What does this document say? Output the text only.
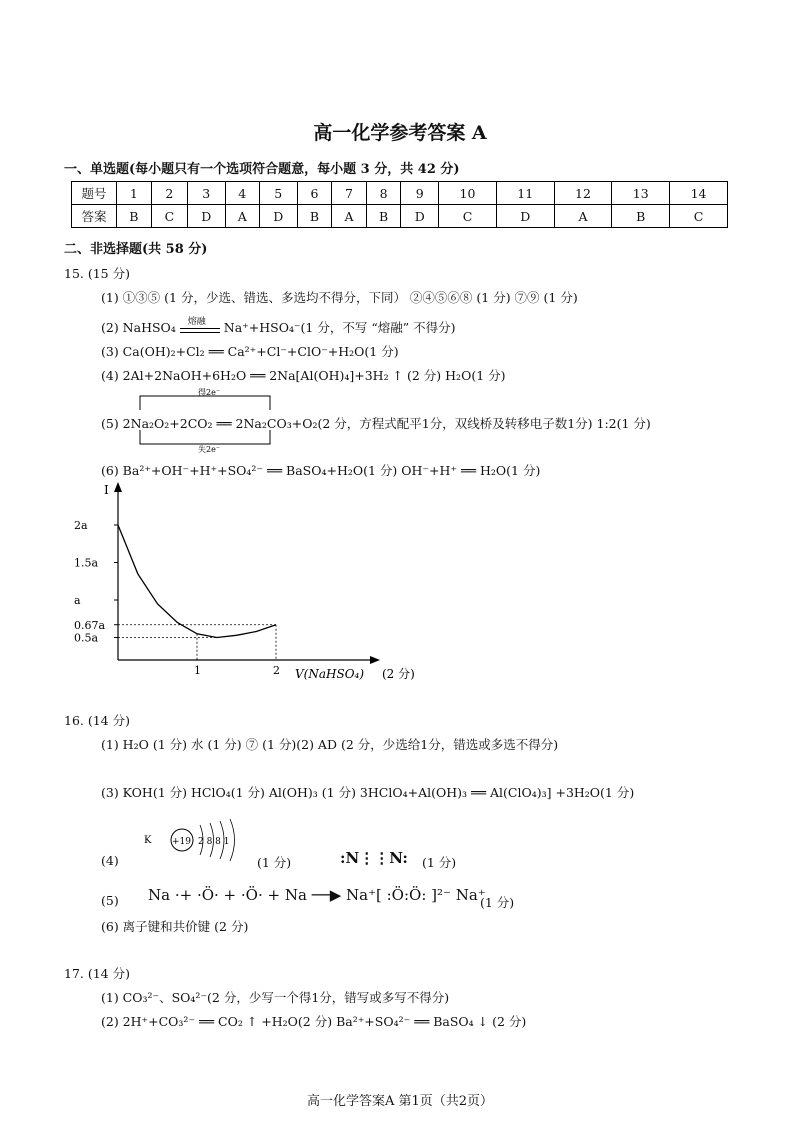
高一化学参考答案 A
一、单选题(每小题只有一个选项符合题意，每小题 3 分，共 42 分)
题号	1	2	3	4	5	6	7	8	9	10	11	12	13	14
答案	B	C	D	A	D	B	A	B	D	C	D	A	B	C
二、非选择题(共 58 分)
15. (15 分)
(1) ①③⑤ (1 分，少选、错选、多选均不得分，下同） ②④⑤⑥⑧ (1 分) ⑦⑨ (1 分)
(2) NaHSO₄ 熔融 Na⁺+HSO₄⁻(1 分，不写 “熔融” 不得分)
(3) Ca(OH)₂+Cl₂ ══ Ca²⁺+Cl⁻+ClO⁻+H₂O(1 分)
(4) 2Al+2NaOH+6H₂O ══ 2Na[Al(OH)₄]+3H₂ ↑ (2 分) H₂O(1 分)
得2e⁻
失2e⁻
(5) 2Na₂O₂+2CO₂ ══ 2Na₂CO₃+O₂(2 分，方程式配平1分，双线桥及转移电子数1分) 1:2(1 分)
(6) Ba²⁺+OH⁻+H⁺+SO₄²⁻ ══ BaSO₄+H₂O(1 分) OH⁻+H⁺ ══ H₂O(1 分)
I
V(NaHSO₄) (2 分)
2a
1.5a
a
0.67a
0.5a
1	2
16. (14 分)
(1) H₂O (1 分) 水 (1 分) ⑦ (1 分)(2) AD (2 分，少选给1分，错选或多选不得分)
(3) KOH(1 分) HClO₄(1 分) Al(OH)₃ (1 分) 3HClO₄+Al(OH)₃ ══ Al(ClO₄)₃] +3H₂O(1 分)
(4)
K +19 2 8 8 1
(1 分)	:N⋮⋮N: (1 分)
(5) Na ·+ ·Ö· + ·Ö· + Na ──▶ Na⁺[ :Ö:Ö: ]²⁻ Na⁺
(1 分)
(6) 离子键和共价键 (2 分)
17. (14 分)
(1) CO₃²⁻、SO₄²⁻(2 分，少写一个得1分，错写或多写不得分)
(2) 2H⁺+CO₃²⁻ ══ CO₂ ↑ +H₂O(2 分) Ba²⁺+SO₄²⁻ ══ BaSO₄ ↓ (2 分)
高一化学答案A 第1页（共2页）
